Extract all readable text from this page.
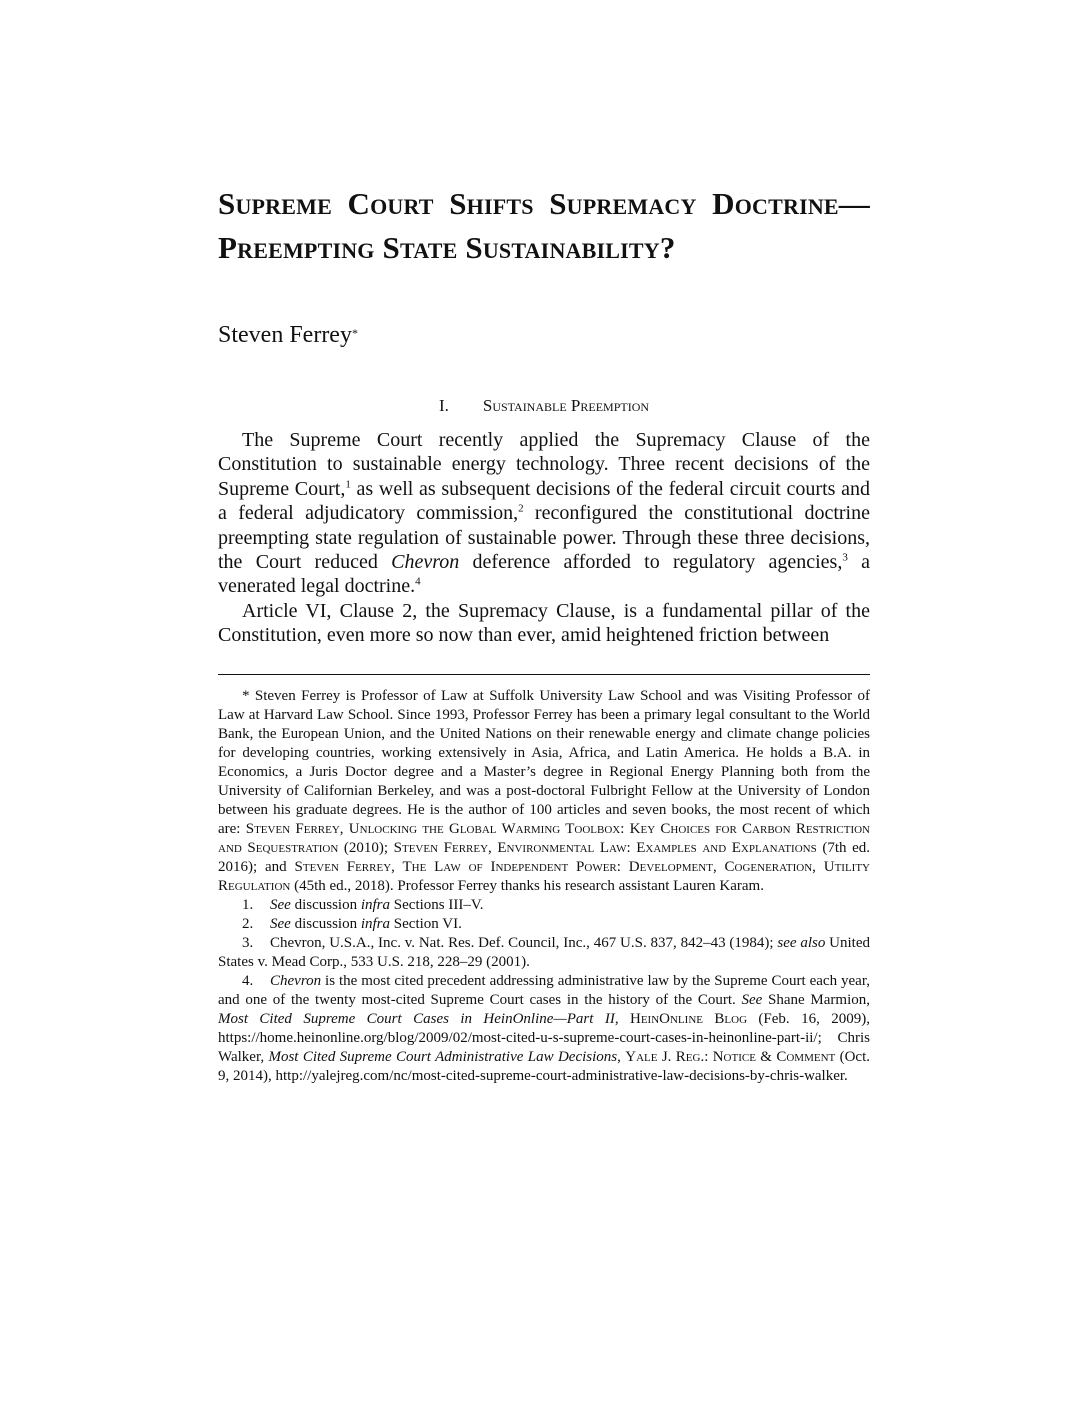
Supreme Court Shifts Supremacy Doctrine—Preempting State Sustainability?
Steven Ferrey*
I. Sustainable Preemption

The Supreme Court recently applied the Supremacy Clause of the Constitution to sustainable energy technology. Three recent decisions of the Supreme Court,$^1$ as well as subsequent decisions of the federal circuit courts and a federal adjudicatory commission,$^2$ reconfigured the constitutional doctrine preempting state regulation of sustainable power. Through these three decisions, the Court reduced Chevron deference afforded to regulatory agencies,$^3$ a venerated legal doctrine.$^4$

Article VI, Clause 2, the Supremacy Clause, is a fundamental pillar of the Constitution, even more so now than ever, amid heightened friction between

* Steven Ferrey is Professor of Law at Suffolk University Law School and was Visiting Professor of Law at Harvard Law School. Since 1993, Professor Ferrey has been a primary legal consultant to the World Bank, the European Union, and the United Nations on their renewable energy and climate change policies for developing countries, working extensively in Asia, Africa, and Latin America. He holds a B.A. in Economics, a Juris Doctor degree and a Master’s degree in Regional Energy Planning both from the University of Californian Berkeley, and was a post-doctoral Fulbright Fellow at the University of London between his graduate degrees. He is the author of 100 articles and seven books, the most recent of which are: Steven Ferrey, Unlocking the Global Warming Toolbox: Key Choices for Carbon Restriction and Sequestration (2010); Steven Ferrey, Environmental Law: Examples and Explanations (7th ed. 2016); and Steven Ferrey, The Law of Independent Power: Development, Cogeneration, Utility Regulation (45th ed., 2018). Professor Ferrey thanks his research assistant Lauren Karam.

1. See discussion infra Sections III–V.

2. See discussion infra Section VI.

3. Chevron, U.S.A., Inc. v. Nat. Res. Def. Council, Inc., 467 U.S. 837, 842–43 (1984); see also United States v. Mead Corp., 533 U.S. 218, 228–29 (2001).

4. Chevron is the most cited precedent addressing administrative law by the Supreme Court each year, and one of the twenty most-cited Supreme Court cases in the history of the Court. See Shane Marmion, Most Cited Supreme Court Cases in HeinOnline—Part II, HeinOnline Blog (Feb. 16, 2009), https://home.heinonline.org/blog/2009/02/most-cited-u-s-supreme-court-cases-in-heinonline-part-ii/; Chris Walker, Most Cited Supreme Court Administrative Law Decisions, Yale J. Reg.: Notice & Comment (Oct. 9, 2014), http://yalejreg.com/nc/most-cited-supreme-court-administrative-law-decisions-by-chris-walker.
